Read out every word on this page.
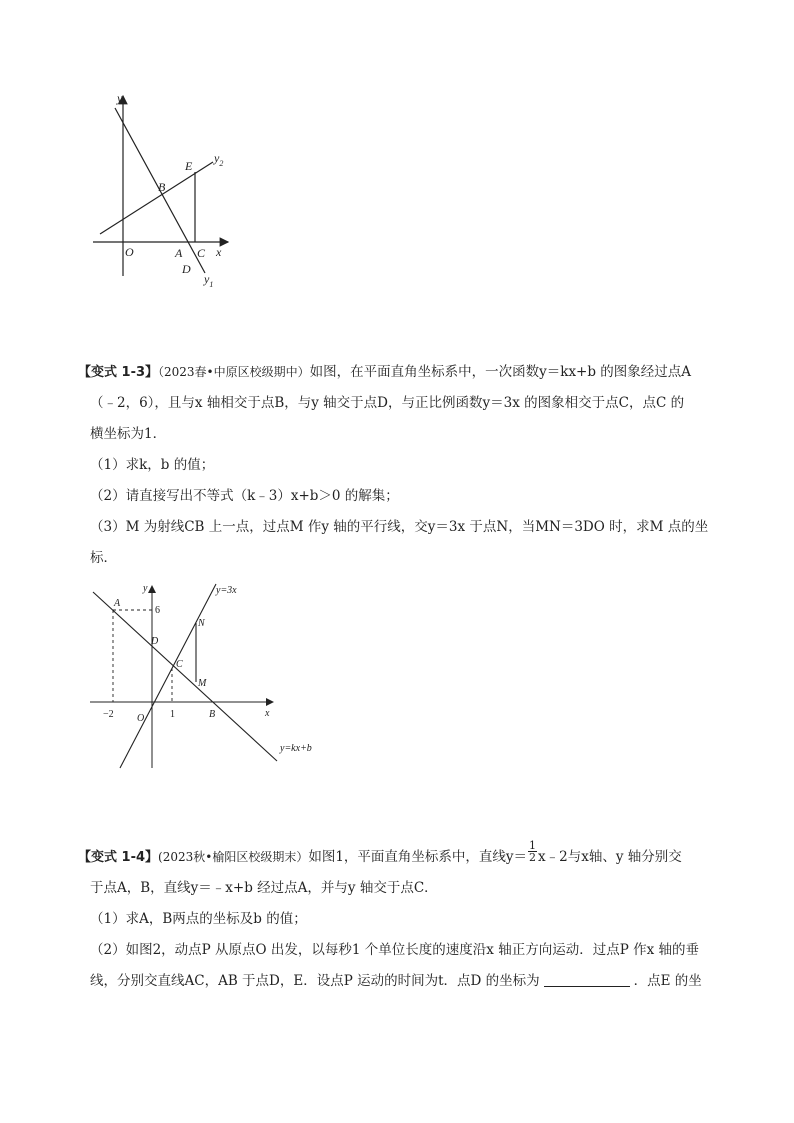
y
$y_2$
E
B
O	A C x
D
$y_1$

【变式 1-3】（2023春•中原区校级期中）如图，在平面直角坐标系中，一次函数y＝kx+b 的图象经过点A

（﹣2，6），且与x 轴相交于点B，与y 轴交于点D，与正比例函数y＝3x 的图象相交于点C，点C 的

横坐标为1．

（1）求k，b 的值；

（2）请直接写出不等式（k﹣3）x+b＞0 的解集；

（3）M 为射线CB 上一点，过点M 作y 轴的平行线，交y＝3x 于点N，当MN＝3DO 时，求M 点的坐

标．

y	y=3x
A
6
D
N
C
M
−2 O	1	B	x
y=kx+b

【变式 1-4】(2023秋•榆阳区校级期末）如图1，平面直角坐标系中，直线$y= \frac{1}{2}$ x﹣2与x轴、y 轴分别交

于点A，B，直线y＝﹣x+b 经过点A，并与y 轴交于点C．

（1）求A，B两点的坐标及b 的值；

（2）如图2，动点P 从原点O 出发，以每秒1 个单位长度的速度沿x 轴正方向运动．过点P 作x 轴的垂

线，分别交直线AC，AB 于点D，E．设点P 运动的时间为t．点D 的坐标为	．点E 的坐
